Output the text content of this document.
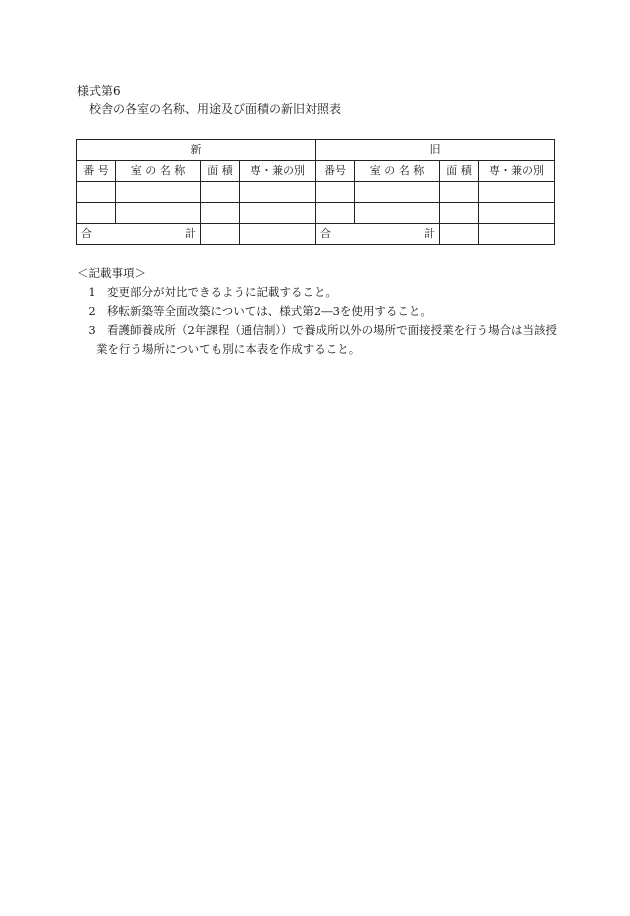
様式第6
校舎の各室の名称、用途及び面積の新旧対照表
新				旧			
番 号	室 の 名 称	面 積	専・兼の別	番号	室 の 名 称	面 積	専・兼の別

合 計				合 計			

＜記載事項＞

1 変更部分が対比できるように記載すること。
2 移転新築等全面改築については、様式第2―3を使用すること。
3 看護師養成所（2年課程（通信制））で養成所以外の場所で面接授業を行う場合は当該授
業を行う場所についても別に本表を作成すること。
